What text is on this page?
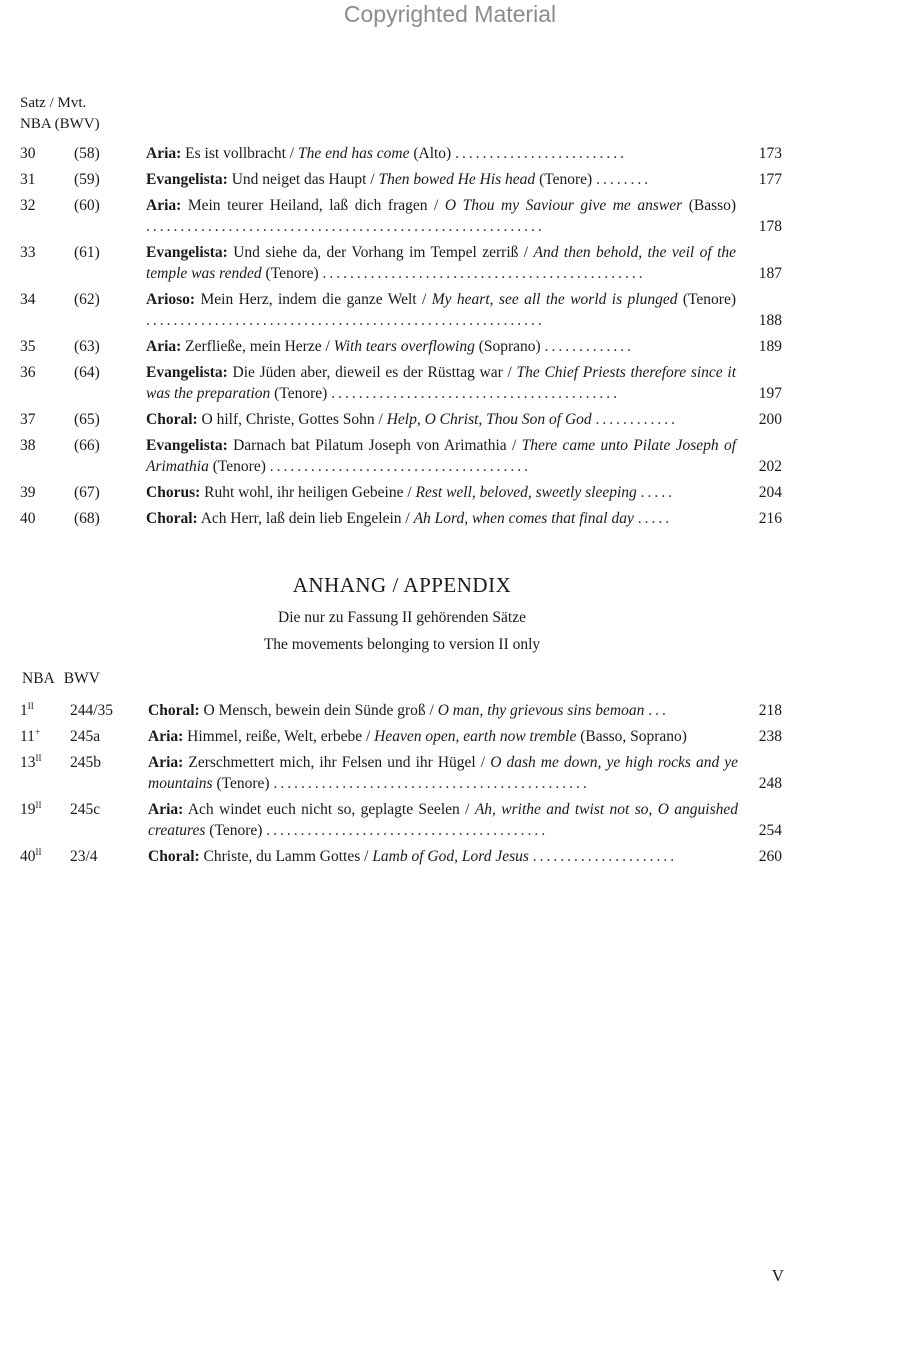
Copyrighted Material
Satz / Mvt.
NBA (BWV)
30 (58)	Aria: Es ist vollbracht / The end has come (Alto) .........................	173
31 (59)	Evangelista: Und neiget das Haupt / Then bowed He His head (Tenore) ........	177
32 (60)	Aria: Mein teurer Heiland, laß dich fragen / O Thou my Saviour give me answer (Basso) ..........................................................	178
33 (61)	Evangelista: Und siehe da, der Vorhang im Tempel zerriß / And then behold, the veil of the temple was rended (Tenore) ...............................................	187
34 (62)	Arioso: Mein Herz, indem die ganze Welt / My heart, see all the world is plunged (Tenore) ..........................................................	188
35 (63)	Aria: Zerfließe, mein Herze / With tears overflowing (Soprano) .............	189
36 (64)	Evangelista: Die Jüden aber, dieweil es der Rüsttag war / The Chief Priests therefore since it was the preparation (Tenore) ..........................................	197
37 (65)	Choral: O hilf, Christe, Gottes Sohn / Help, O Christ, Thou Son of God ............	200
38 (66)	Evangelista: Darnach bat Pilatum Joseph von Arimathia / There came unto Pilate Joseph of Arimathia (Tenore) ......................................	202
39 (67)	Chorus: Ruht wohl, ihr heiligen Gebeine / Rest well, beloved, sweetly sleeping .....	204
40 (68)	Choral: Ach Herr, laß dein lieb Engelein / Ah Lord, when comes that final day .....	216
ANHANG / APPENDIX
Die nur zu Fassung II gehörenden Sätze
The movements belonging to version II only
NBA BWV
$1^{II}$ 244/35 Choral: O Mensch, bewein dein Sünde groß / O man, thy grievous sins bemoan ...	218
11+ 245a	Aria: Himmel, reiße, Welt, erbebe / Heaven open, earth now tremble (Basso, Soprano)	238
$13^{II}$ 245b	Aria: Zerschmettert mich, ihr Felsen und ihr Hügel / O dash me down, ye high rocks and ye mountains (Tenore) ..............................................	248
$19^{II}$ 245c	Aria: Ach windet euch nicht so, geplagte Seelen / Ah, writhe and twist not so, O anguished creatures (Tenore) .........................................	254
$40^{II}$ 23/4	Choral: Christe, du Lamm Gottes / Lamb of God, Lord Jesus .....................	260
V
